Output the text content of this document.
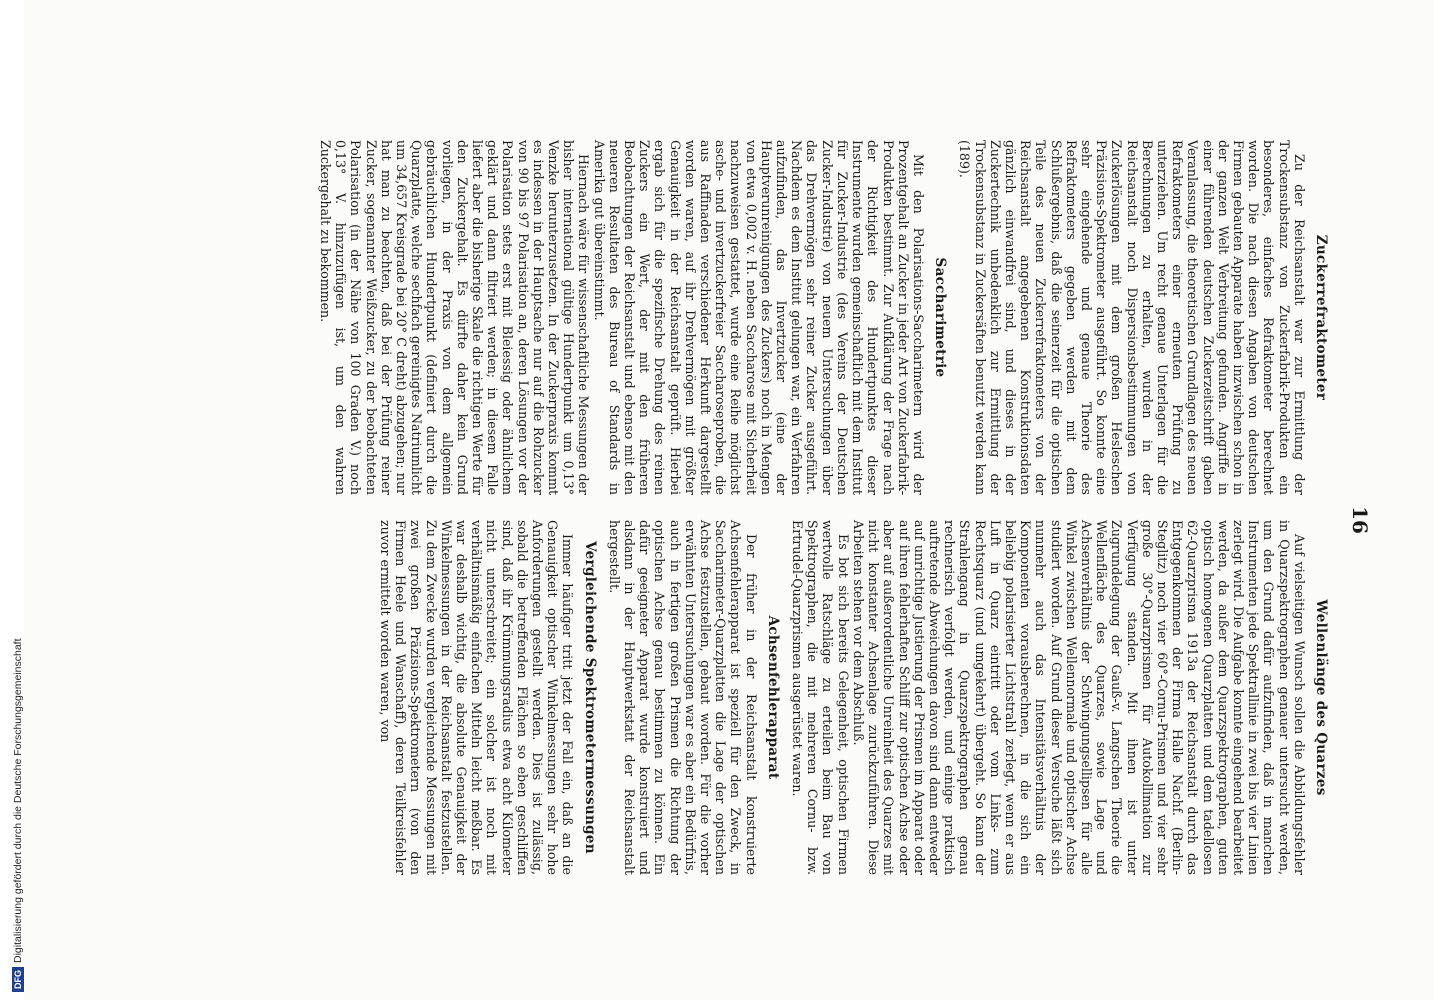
DFGDigitalisierung gefördert durch die Deutsche Forschungsgemeinschaft
16
Zuckerrefraktometer

Zu der Reichsanstalt war zur Ermittlung der Trockensubstanz von Zuckerfabrik-Produkten ein besonderes, einfaches Refraktometer berechnet worden. Die nach diesen Angaben von deutschen Firmen gebauten Apparate haben inzwischen schon in der ganzen Welt Verbreitung gefunden. Angriffe in einer führenden deutschen Zuckerzeitschrift gaben Veranlassung, die theoretischen Grundlagen des neuen Refraktometers einer erneuten Prüfung zu unterziehen. Um recht genaue Unterlagen für die Berechnungen zu erhalten, wurden in der Reichsanstalt noch Dispersionsbestimmungen von Zuckerlösungen mit dem großen Hesleschen Präzisions-Spektrometer ausgeführt. So konnte eine sehr eingehende und genaue Theorie des Refraktometers gegeben werden mit dem Schlußergebnis, daß die seinerzeit für die optischen Teile des neuen Zuckerrefraktometers von der Reichsanstalt angegebenen Konstruktionsdaten gänzlich einwandfrei sind, und dieses in der Zuckertechnik unbedenklich zur Ermittlung der Trockensubstanz in Zuckersäften benutzt werden kann (189).

Saccharimetrie

Mit den Polarisations-Saccharimetern wird der Prozentgehalt an Zucker in jeder Art von Zuckerfabrik-Produkten bestimmt. Zur Aufklärung der Frage nach der Richtigkeit des Hundertpunktes dieser Instrumente wurden gemeinschaftlich mit dem Institut für Zucker-Industrie (des Vereins der Deutschen Zucker-Industrie) von neuem Untersuchungen über das Drehvermögen sehr reiner Zucker ausgeführt. Nachdem es dem Institut gelungen war, ein Verfahren aufzufinden, das Invertzucker (eine der Hauptverunreinigungen des Zuckers) noch in Mengen von etwa 0,002 v. H. neben Saccharose mit Sicherheit nachzuweisen gestattet, wurde eine Reihe möglichst asche- und invertzuckerfreier Saccharoseproben, die aus Raffinaden verschiedener Herkunft dargestellt worden waren, auf ihr Drehvermögen mit größter Genauigkeit in der Reichsanstalt geprüft. Hierbei ergab sich für die spezifische Drehung des reinen Zuckers ein Wert, der mit den früheren Beobachtungen der Reichsanstalt und ebenso mit den neueren Resultaten des Bureau of Standards in Amerika gut übereinstimmt.

Hiernach wäre für wissenschaftliche Messungen der bisher international gültige Hundertpunkt um 0,13° Venzke herunterzusetzen. In der Zuckerpraxis kommt es indessen in der Hauptsache nur auf die Rohzucker von 90 bis 97 Polarisation an, deren Lösungen vor der Polarisation stets erst mit Bleiessig oder ähnlichem geklärt und dann filtriert werden; in diesem Falle liefert aber die bisherige Skale die richtigen Werte für den Zuckergehalt. Es dürfte daher kein Grund vorliegen, in der Praxis von dem allgemein gebräuchlichen Hundertpunkt (definiert durch die Quarzplatte, welche sechfach gereinigtes Natriumlicht um 34,657 Kreisgrade bei 20° C dreht) abzugehen; nur hat man zu beachten, daß bei der Prüfung reiner Zucker, sogenannter Weißzucker, zu der beobachteten Polarisation (in der Nähe von 100 Graden V.) noch 0,13° V. hinzuzufügen ist, um den wahren Zuckergehalt zu bekommen.

Wellenlänge des Quarzes

Auf vielseitigen Wunsch sollen die Abbildungsfehler in Quarzspektrographen genauer untersucht werden, um den Grund dafür aufzufinden, daß in manchen Instrumenten jede Spektrallinie in zwei bis vier Linien zerlegt wird. Die Aufgabe konnte eingehend bearbeitet werden, da außer dem Quarzspektrographen, guten optisch homogenen Quarzplatten und dem tadellosen 62-Quarzprisma 1913a der Reichsanstalt durch das Entgegenkommen der Firma Halle Nachf. (Berlin-Steglitz) noch vier 60°-Cornu-Prismen und vier sehr große 30°-Quarzprismen für Autokollimation zur Verfügung standen. Mit ihnen ist unter Zugrundelegung der Gauß-v. Langschen Theorie die Wellenfläche des Quarzes, sowie Lage und Achsenverhältnis der Schwingungsellipsen für alle Winkel zwischen Wellennormale und optischer Achse studiert worden. Auf Grund dieser Versuche läßt sich nunmehr auch das Intensitätsverhältnis der Komponenten vorausberechnen, in die sich ein beliebig polarisierter Lichtstrahl zerlegt, wenn er aus Luft in Quarz eintritt oder vom Links- zum Rechtsquarz (und umgekehrt) übergeht. So kann der Strahlengang in Quarzspektrographen genau rechnerisch verfolgt werden, und einige praktisch auftretende Abweichungen davon sind dann entweder auf unrichtige Justierung der Prismen im Apparat oder auf ihren fehlerhaften Schliff zur optischen Achse oder aber auf außerordentliche Unreinheit des Quarzes mit nicht konstanter Achsenlage zurückzuführen. Diese Arbeiten stehen vor dem Abschluß.

Es bot sich bereits Gelegenheit, optischen Firmen wertvolle Ratschläge zu erteilen beim Bau von Spektrographen, die mit mehreren Cornu- bzw. Ertrudel-Quarzprismen ausgerüstet waren.

Achsenfehlerapparat

Der früher in der Reichsanstalt konstruierte Achsenfehlerapparat ist speziell für den Zweck, in Saccharimeter-Quarzplatten die Lage der optischen Achse festzustellen, gebaut worden. Für die vorher erwähnten Untersuchungen war es aber ein Bedürfnis, auch in fertigen großen Prismen die Richtung der optischen Achse genau bestimmen zu können. Ein dafür geeigneter Apparat wurde konstruiert und alsdann in der Hauptwerkstatt der Reichsanstalt hergestellt.

Vergleichende Spektrometermessungen

Immer häufiger tritt jetzt der Fall ein, daß an die Genauigkeit optischer Winkelmessungen sehr hohe Anforderungen gestellt werden. Dies ist zulässig, sobald die betreffenden Flächen so eben geschliffen sind, daß ihr Krümmungsradius etwa acht Kilometer nicht unterschreitet; ein solcher ist noch mit verhältnismäßig einfachen Mitteln leicht meßbar. Es war deshalb wichtig, die absolute Genauigkeit der Winkelmessungen in der Reichsanstalt festzustellen. Zu dem Zwecke wurden vergleichende Messungen mit zwei großen Präzisions-Spektrometern (von den Firmen Heele und Wanschaff), deren Teilkreisfehler zuvor ermittelt worden waren, von
